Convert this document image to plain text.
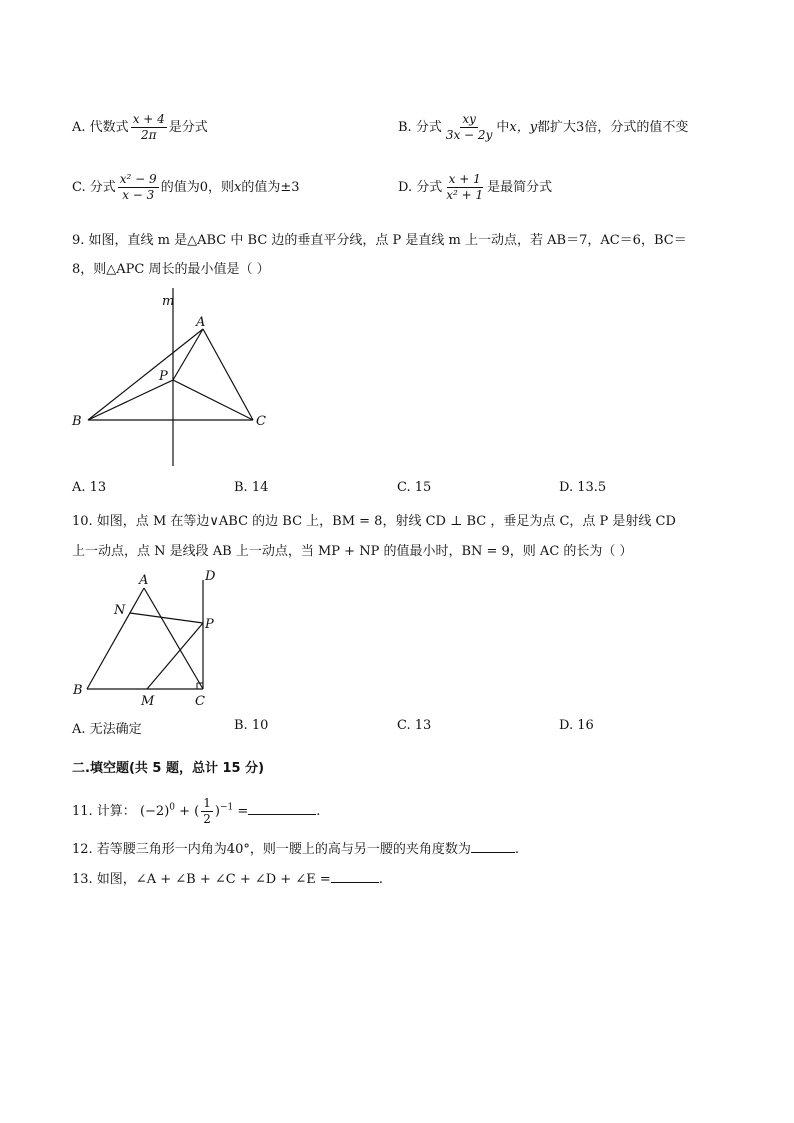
A. 代数式 $\frac{x + 4}{2\pi}$ 是分式	B. 分式 $\frac{xy}{3x - 2y}$ 中x，y都扩大3倍，分式的值不变
C. 分式 $\frac{\text{x² − 9}}{x - 3}$ 的值为0，则x的值为±3	D. 分式 $\frac{x + 1}{\text{x² + 1}}$ 是最简分式
9. 如图，直线 m 是△ABC 中 BC 边的垂直平分线，点 P 是直线 m 上一动点，若 AB＝7，AC＝6，BC＝
8，则△APC 周长的最小值是（ ）
m
A
P
B	C
A. 13	B. 14	C. 15	D. 13.5
10. 如图，点 M 在等边∨ABC 的边 BC 上，BM = 8，射线 CD ⊥ BC ，垂足为点 C，点 P 是射线 CD
上一动点，点 N 是线段 AB 上一动点，当 MP + NP 的值最小时，BN = 9，则 AC 的长为（ ）
A	D
N
P
B
M	C
A. 无法确定	B. 10	C. 13	D. 16
二.填空题(共 5 题，总计 15 分)
11. 计算： $(-2)^0$ + ( $\frac{1}{2} )^{-1}$ =	.
12. 若等腰三角形一内角为40°，则一腰上的高与另一腰的夹角度数为	.
13. 如图，∠A + ∠B + ∠C + ∠D + ∠E =	.
